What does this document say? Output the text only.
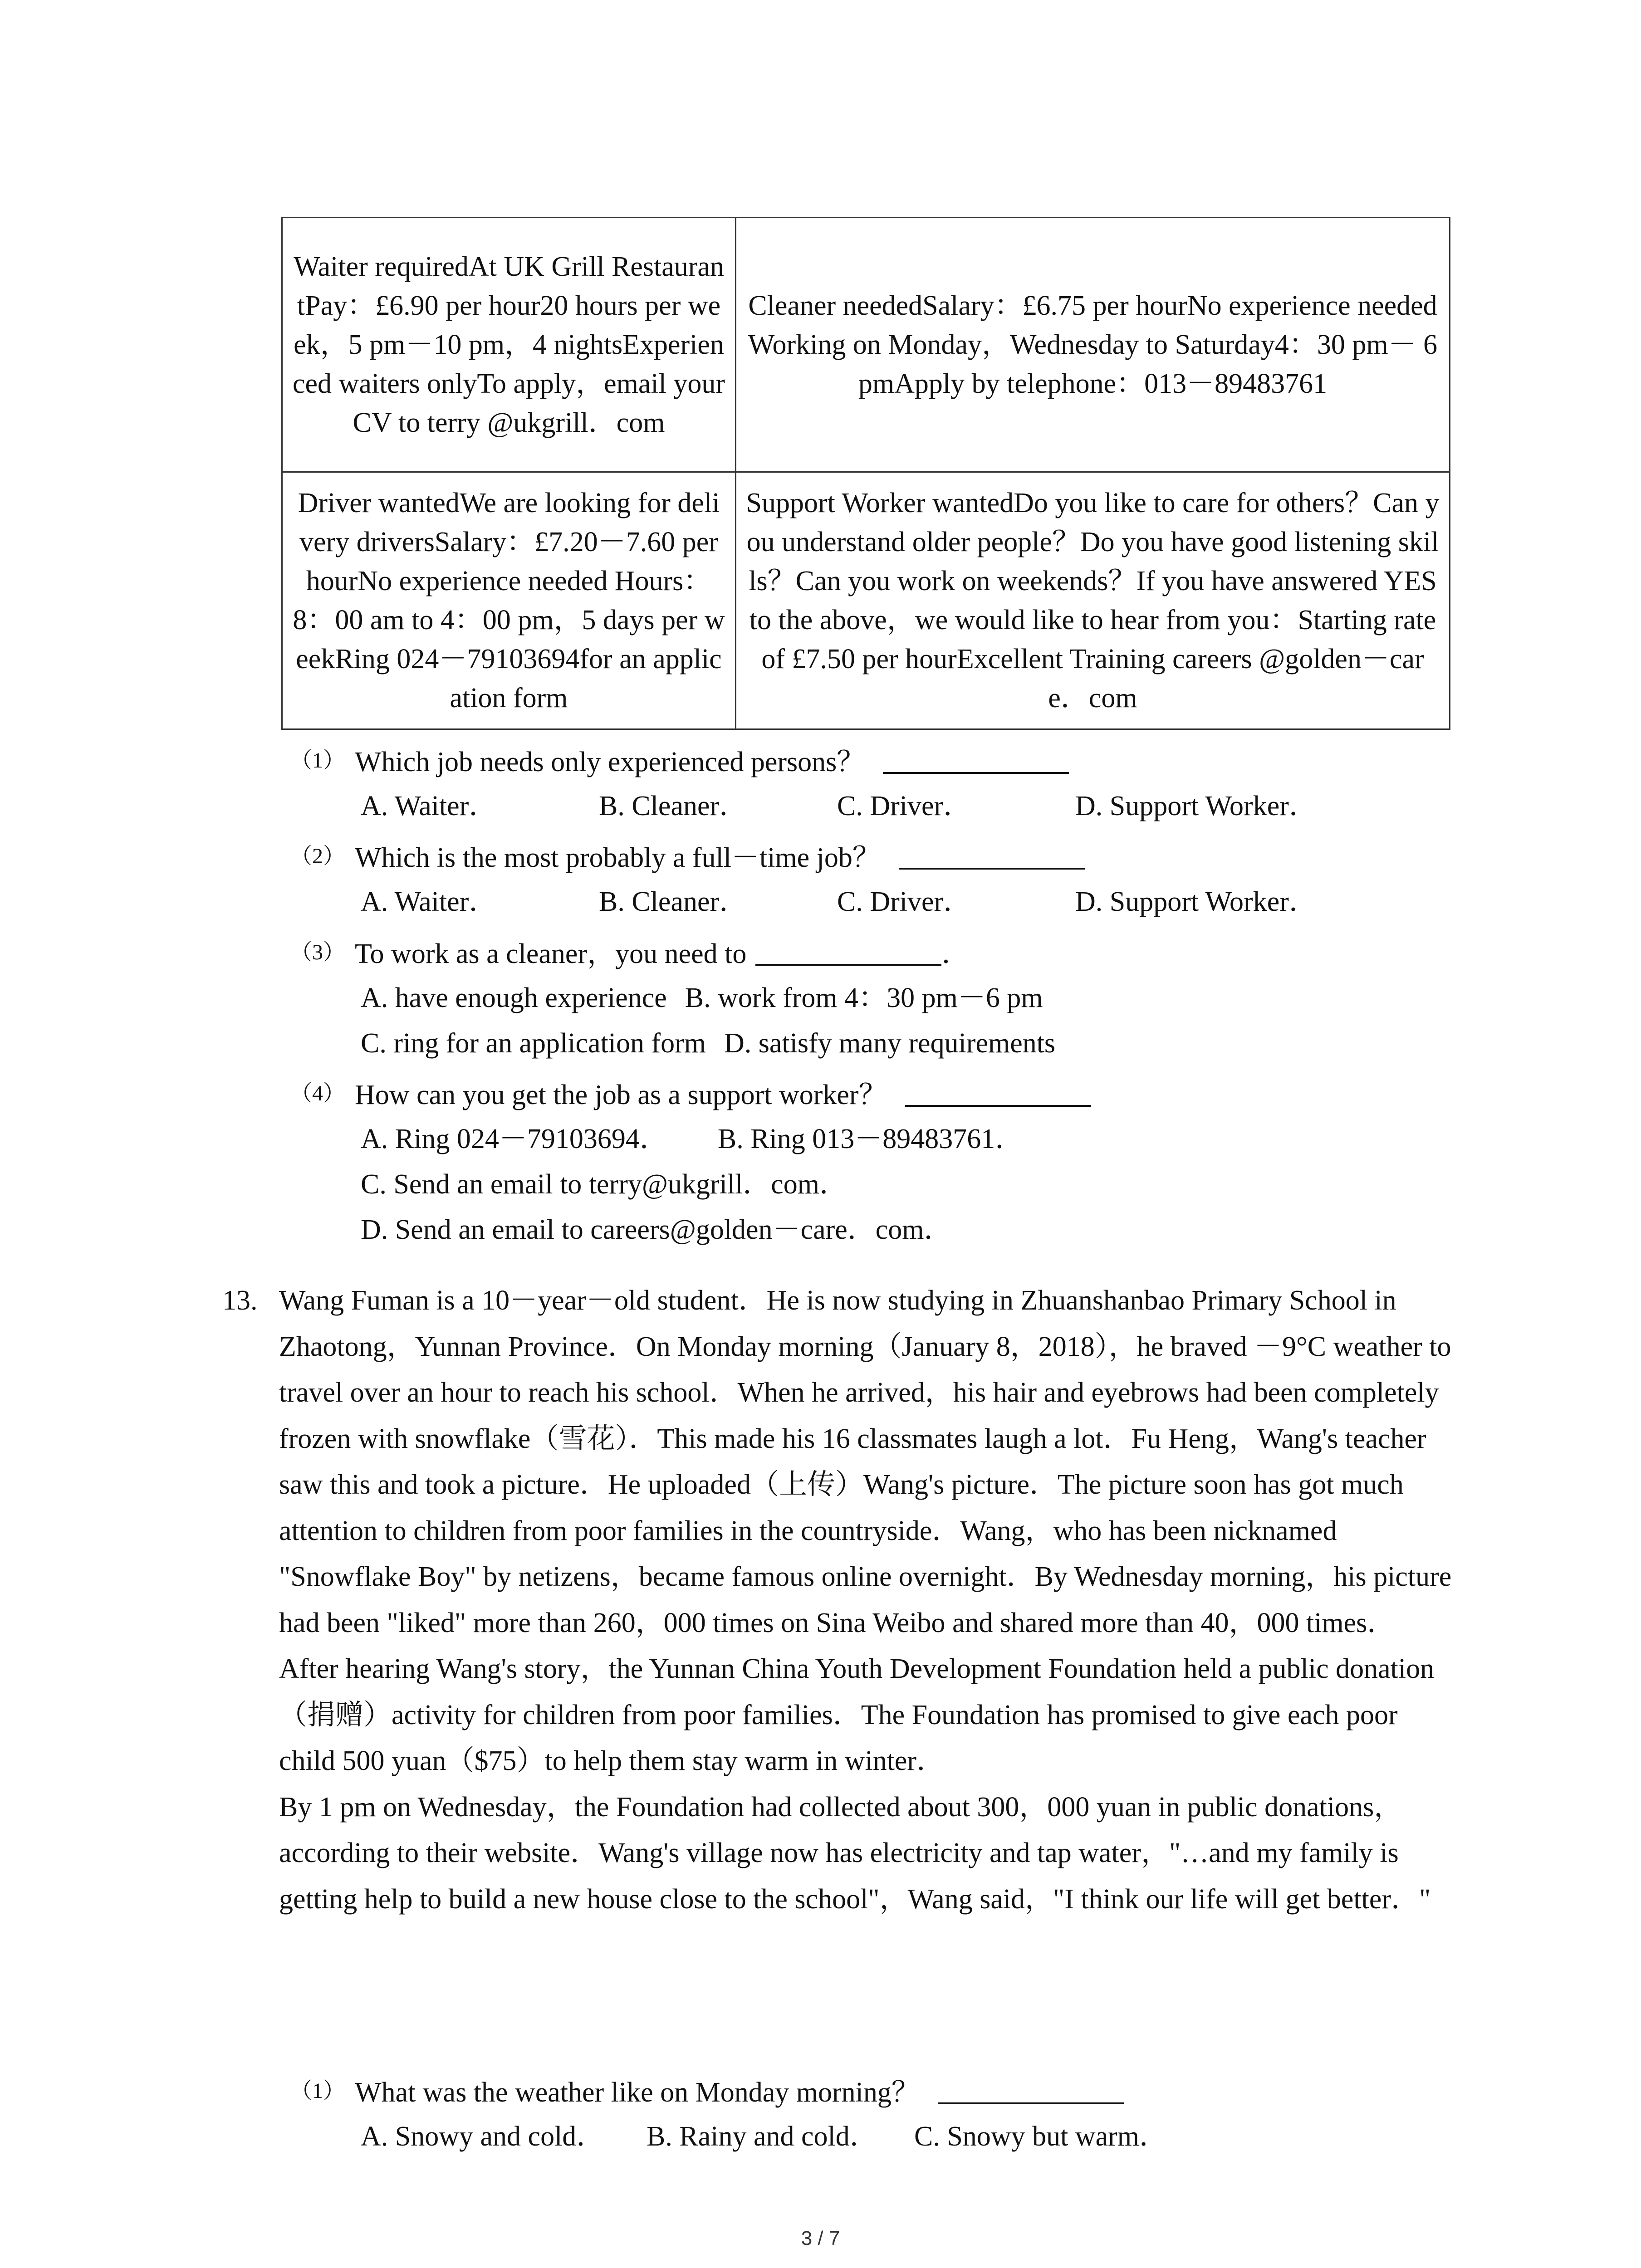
Waiter requiredAt UK Grill RestaurantPay：£6.90 per hour20 hours per week，5 pm－10 pm，4 nightsExperienced waiters onlyTo apply，email your CV to terry @ukgrill．com	Cleaner neededSalary：£6.75 per hourNo experience neededWorking on Monday，Wednesday to Saturday4：30 pm－ 6 pmApply by telephone：013－89483761
Driver wantedWe are looking for delivery driversSalary：£7.20－7.60 per hourNo experience needed Hours：8：00 am to 4：00 pm，5 days per weekRing 024－79103694for an application form	Support Worker wantedDo you like to care for others？Can you understand older people？Do you have good listening skills？Can you work on weekends？If you have answered YES to the above，we would like to hear from you：Starting rate of £7.50 per hourExcellent Training careers @golden－care．com
（1） Which job needs only experienced persons？
A. Waiter．	B. Cleaner．	C. Driver．	D. Support Worker．
（2） Which is the most probably a full－time job？
A. Waiter．	B. Cleaner．	C. Driver．	D. Support Worker．
（3） To work as a cleaner，you need to	．
A. have enough experience B. work from 4：30 pm－6 pm
C. ring for an application form D. satisfy many requirements
（4） How can you get the job as a support worker？
A. Ring 024－79103694． B. Ring 013－89483761．
C. Send an email to terry@ukgrill．com．
D. Send an email to careers@golden－care．com．
13. Wang Fuman is a 10－year－old student．He is now studying in Zhuanshanbao Primary School in Zhaotong，Yunnan Province．On Monday morning（January 8，2018），he braved －9°C weather to travel over an hour to reach his school．When he arrived，his hair and eyebrows had been completely frozen with snowflake（雪花）．This made his 16 classmates laugh a lot．Fu Heng，Wang's teacher saw this and took a picture．He uploaded（上传）Wang's picture．The picture soon has got much attention to children from poor families in the countryside．Wang，who has been nicknamed "Snowflake Boy" by netizens，became famous online overnight．By Wednesday morning，his picture had been "liked" more than 260，000 times on Sina Weibo and shared more than 40，000 times．

After hearing Wang's story，the Yunnan China Youth Development Foundation held a public donation（捐赠）activity for children from poor families．The Foundation has promised to give each poor child 500 yuan（$75）to help them stay warm in winter．

By 1 pm on Wednesday，the Foundation had collected about 300，000 yuan in public donations，according to their website．Wang's village now has electricity and tap water，"…and my family is getting help to build a new house close to the school"，Wang said，"I think our life will get better．"

（1） What was the weather like on Monday morning？
A. Snowy and cold． B. Rainy and cold． C. Snowy but warm．
3 / 7
